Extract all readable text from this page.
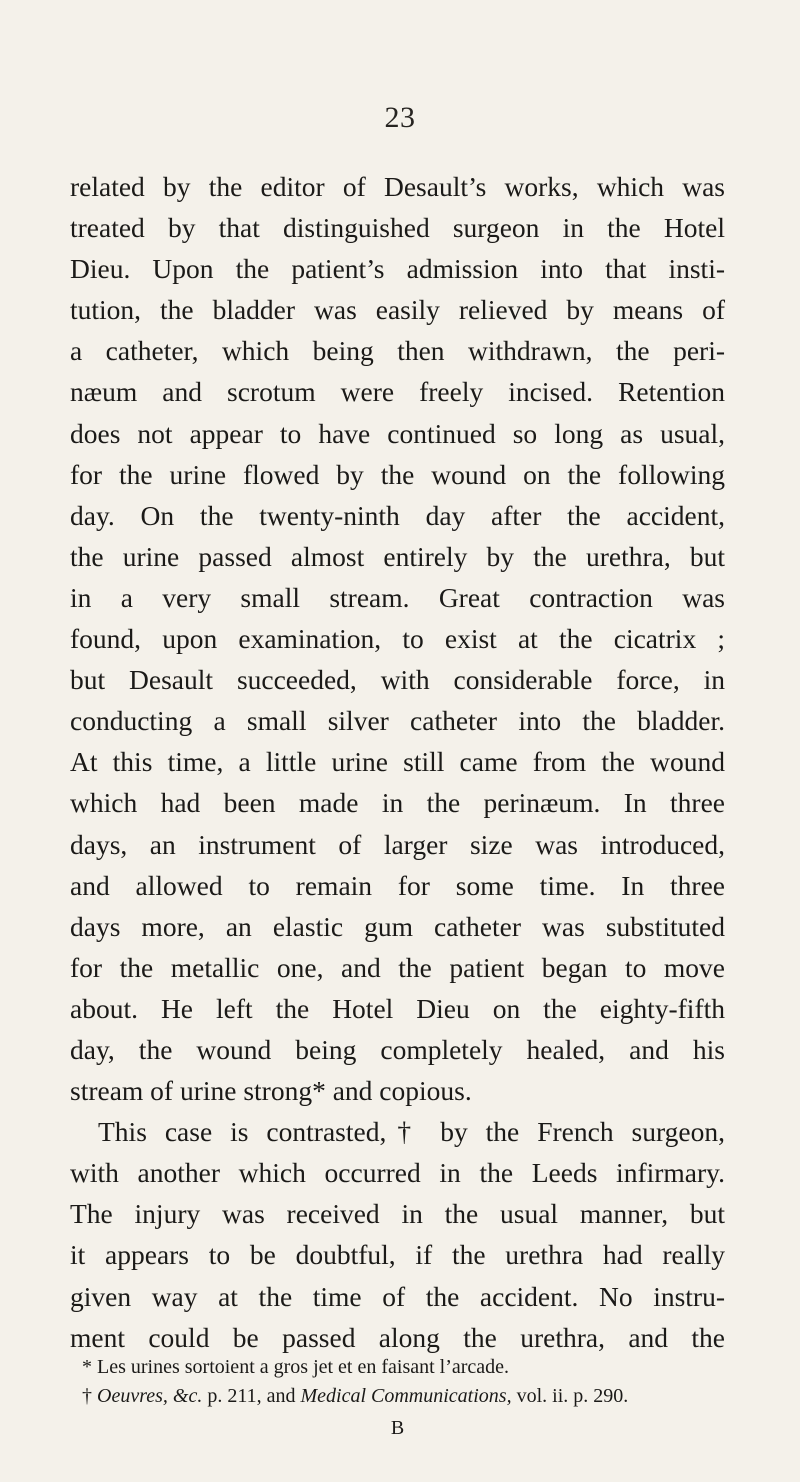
23
related by the editor of Desault’s works, which was
treated by that distinguished surgeon in the Hotel
Dieu. Upon the patient’s admission into that insti-
tution, the bladder was easily relieved by means of
a catheter, which being then withdrawn, the peri-
næum and scrotum were freely incised. Retention
does not appear to have continued so long as usual,
for the urine flowed by the wound on the following
day. On the twenty-ninth day after the accident,
the urine passed almost entirely by the urethra, but
in a very small stream. Great contraction was
found, upon examination, to exist at the cicatrix ;
but Desault succeeded, with considerable force, in
conducting a small silver catheter into the bladder.
At this time, a little urine still came from the wound
which had been made in the perinæum. In three
days, an instrument of larger size was introduced,
and allowed to remain for some time. In three
days more, an elastic gum catheter was substituted
for the metallic one, and the patient began to move
about. He left the Hotel Dieu on the eighty-fifth
day, the wound being completely healed, and his
stream of urine strong* and copious.
This case is contrasted,† by the French surgeon,
with another which occurred in the Leeds infirmary.
The injury was received in the usual manner, but
it appears to be doubtful, if the urethra had really
given way at the time of the accident. No instru-
ment could be passed along the urethra, and the
* Les urines sortoient a gros jet et en faisant l’arcade.
† Oeuvres, &c. p. 211, and Medical Communications, vol. ii. p. 290.
B
